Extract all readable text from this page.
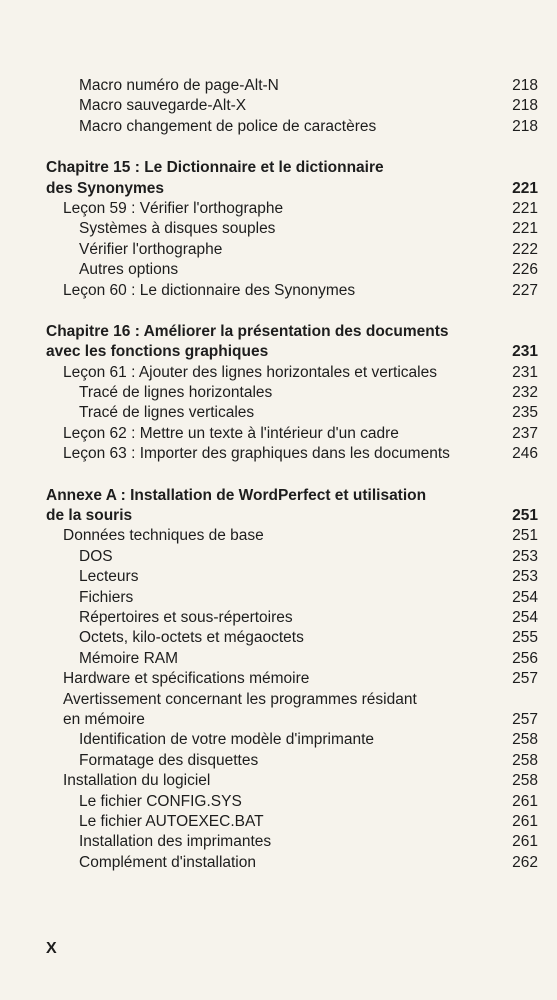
Macro numéro de page-Alt-N	218
Macro sauvegarde-Alt-X	218
Macro changement de police de caractères	218
Chapitre 15 : Le Dictionnaire et le dictionnaire
des Synonymes	221
Leçon 59 : Vérifier l'orthographe	221
Systèmes à disques souples	221
Vérifier l'orthographe	222
Autres options	226
Leçon 60 : Le dictionnaire des Synonymes	227
Chapitre 16 : Améliorer la présentation des documents
avec les fonctions graphiques	231
Leçon 61 : Ajouter des lignes horizontales et verticales	231
Tracé de lignes horizontales	232
Tracé de lignes verticales	235
Leçon 62 : Mettre un texte à l'intérieur d'un cadre	237
Leçon 63 : Importer des graphiques dans les documents	246
Annexe A : Installation de WordPerfect et utilisation
de la souris	251
Données techniques de base	251
DOS	253
Lecteurs	253
Fichiers	254
Répertoires et sous-répertoires	254
Octets, kilo-octets et mégaoctets	255
Mémoire RAM	256
Hardware et spécifications mémoire	257
Avertissement concernant les programmes résidant
en mémoire	257
Identification de votre modèle d'imprimante	258
Formatage des disquettes	258
Installation du logiciel	258
Le fichier CONFIG.SYS	261
Le fichier AUTOEXEC.BAT	261
Installation des imprimantes	261
Complément d'installation	262
X
